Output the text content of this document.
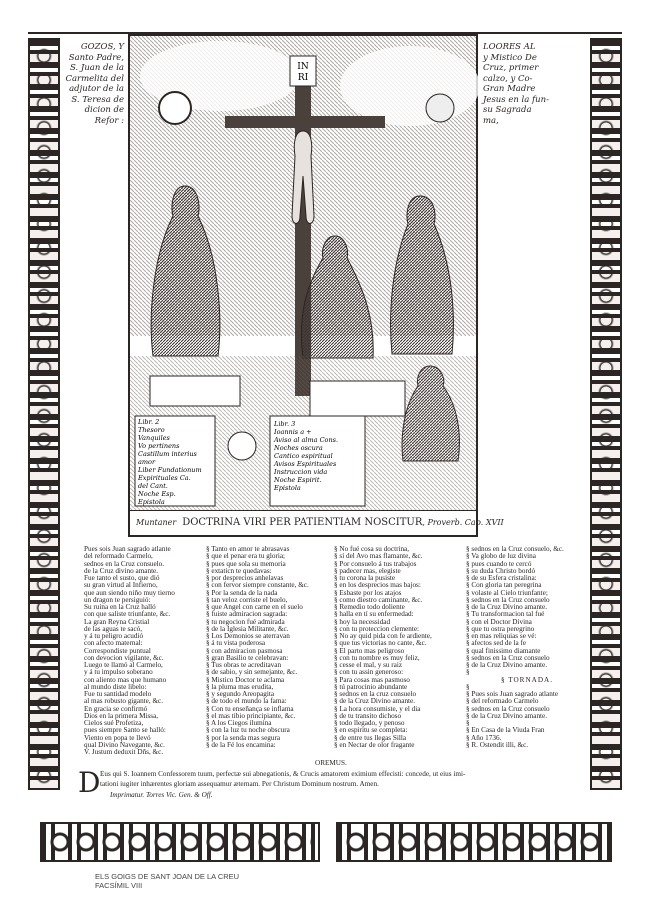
GOZOS, Y
Santo Padre,
S. Juan de la
Carmelita del
adjutor de la
S. Teresa de
dicion de
Refor :
LOORES AL
y Mistico De
Cruz, primer
calzo, y Co-
Gran Madre
Jesus en la fun-
su Sagrada
ma,
IN
RI
Libr. 2
Thesoro
Vanquiles
Vo pertinens
Castillum interius
amor
Liber Fundationum
Expirituales Ca.
del Cant.
Noche Esp.
Epistola
Libr. 3
Ioannis a +
Aviso al alma Cons.
Noches oscura
Cantico espiritual
Avisos Espirituales
Instruccion vida
Noche Espirit.
Epistola
Muntaner DOCTRINA VIRI PER PATIENTIAM NOSCITUR, Proverb. Cap. XVII
Pues sois Juan sagrado atlante
del reformado Carmelo,
sednos en la Cruz consuelo.
de la Cruz divino amante.
Fue tanto el susto, que dió
su gran virtud al Infierno,
que aun siendo niño muy tierno
un dragon te persiguió:
Su ruina en la Cruz halló
con que saliste triunfante, &c.
La gran Reyna Cristial
de las aguas te sacó,
y á tu peligro acudió
con afecto maternal:
Correspondiste puntual
con devocion vigilante, &c.
Luego te llamó al Carmelo,
y á tu impulso soberano
con aliento mas que humano
al mundo diste libelo:
Fue tu santidad modelo
al mas robusto gigante, &c.
En gracia se confirmó
Dios en la primera Missa,
Cielos sué Profetiza,
pues siempre Santo se halló:
Viento en popa te llevó
qual Divino Navegante, &c.
V. Justum deduxit Dñs, &c.
§ Tanto en amor te abrasavas
§ que el penar era tu gloria;
§ pues que sola su memoria
§ extaticn te quedavas:
§ por desprecios anhelavas
§ con fervor siempre constante, &c.
§ Por la senda de la nada
§ tan veloz corriste el buelo,
§ que Angel con carne en el suelo
§ fuiste admiracion sagrada:
§ tu negocion fué admirada
§ de la Iglesia Militante, &c.
§ Los Demonios se aterravan
§ á tu vista poderosa
§ con admiracion pasmosa
§ gran Basilio te celebravan:
§ Tus obras te acreditavan
§ de sabio, y sin semejante, &c.
§ Mistico Doctor te aclama
§ la pluma mas erudita,
§ y segundo Areopagita
§ de todo el mundo la fama:
§ Con tu enseñança se inflama
§ el mas tibio principiante, &c.
§ A los Ciegos ilumina
§ con la luz tu noche obscura
§ por la senda mas segura
§ de la Fé los encamina:
§ No fué cosa su doctrina,
§ sí del Avo mas flamante, &c.
§ Por consuelo á tus trabajos
§ padecer mas, elegiste
§ tu corona la pusiste
§ en los desprecios mas bajos:
§ Esbaste por los atajos
§ como diestro caminante, &c.
§ Remedio todo doliente
§ halla en tí su enfermedad:
§ hoy la necessidad
§ con tu proteccion clemente:
§ No ay quid pida con fe ardiente,
§ que tus victorias no cante, &c.
§ El parto mas peligroso
§ con tu nombre es muy feliz,
§ cesse el mal, y su raiz
§ con tu assin generoso:
§ Para cosas mas pasmoso
§ tú patrocinio abundante
§ sednos en la cruz consuelo
§ de la Cruz Divino amante.
§ La hora consumiste, y el dia
§ de tu transito dichoso
§ todo llegado, y penoso
§ en espiritu se completa:
§ de entre tus llegas Silla
§ en Nectar de olor fragante
§ sednos en la Cruz consuelo, &c.
§ Va globo de luz divina
§ pues cuando te cercó
§ su duda Christo bordó
§ de su Esfera cristalina:
§ Con gloria tan peregrina
§ volaste al Cielo triunfante;
§ sednos en la Cruz consuelo
§ de la Cruz Divino amante.
§ Tu transformacion tal fué
§ con el Doctor Divina
§ que tu ostra peregrino
§ en mas reliquias se vé:
§ afectos sed de la fe
§ qual finissimo diamante
§ sednos en la Cruz consuelo
§ de la Cruz Divino amante.
§
§ TORNADA.
§
§ Pues sois Juan sagrado atlante
§ del reformado Carmelo
§ sednos en la Cruz consuelo
§ de la Cruz Divino amante.
§
§ En Casa de la Viuda Fran
§ Año 1736.
§ R. Ostendit illi, &c.
OREMUS.
D Eus qui S. Ioannem Confessorem tuum, perfectæ sui abnegationis, & Crucis amatorem eximium effecisti: concede, ut eius imi-
tationi iugiter inhærentes gloriam assequamur æternam. Per Christum Dominum nostrum. Amen.
Imprimatur. Torres Vic. Gen. & Off.
ELS GOIGS DE SANT JOAN DE LA CREU
FACSÍMIL VIII
